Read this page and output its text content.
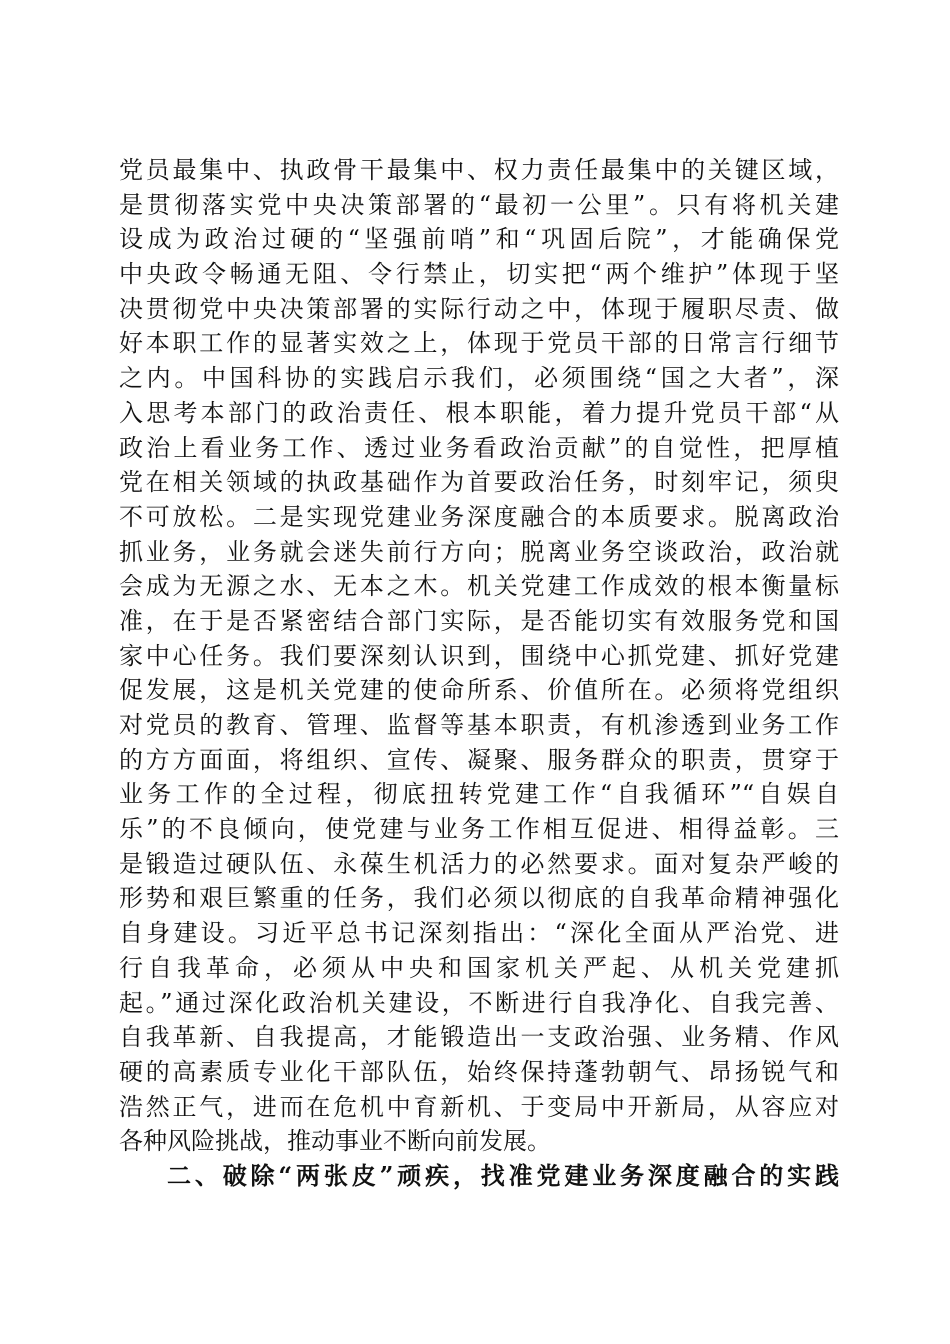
党员最集中、执政骨干最集中、权力责任最集中的关键区域，
是贯彻落实党中央决策部署的“最初一公里”。只有将机关建
设成为政治过硬的“坚强前哨”和“巩固后院”，才能确保党
中央政令畅通无阻、令行禁止，切实把“两个维护”体现于坚
决贯彻党中央决策部署的实际行动之中，体现于履职尽责、做
好本职工作的显著实效之上，体现于党员干部的日常言行细节
之内。中国科协的实践启示我们，必须围绕“国之大者”，深
入思考本部门的政治责任、根本职能，着力提升党员干部“从
政治上看业务工作、透过业务看政治贡献”的自觉性，把厚植
党在相关领域的执政基础作为首要政治任务，时刻牢记，须臾
不可放松。二是实现党建业务深度融合的本质要求。脱离政治
抓业务，业务就会迷失前行方向；脱离业务空谈政治，政治就
会成为无源之水、无本之木。机关党建工作成效的根本衡量标
准，在于是否紧密结合部门实际，是否能切实有效服务党和国
家中心任务。我们要深刻认识到，围绕中心抓党建、抓好党建
促发展，这是机关党建的使命所系、价值所在。必须将党组织
对党员的教育、管理、监督等基本职责，有机渗透到业务工作
的方方面面，将组织、宣传、凝聚、服务群众的职责，贯穿于
业务工作的全过程，彻底扭转党建工作“自我循环”“自娱自
乐”的不良倾向，使党建与业务工作相互促进、相得益彰。三
是锻造过硬队伍、永葆生机活力的必然要求。面对复杂严峻的
形势和艰巨繁重的任务，我们必须以彻底的自我革命精神强化
自身建设。习近平总书记深刻指出：“深化全面从严治党、进
行自我革命，必须从中央和国家机关严起、从机关党建抓
起。”通过深化政治机关建设，不断进行自我净化、自我完善、
自我革新、自我提高，才能锻造出一支政治强、业务精、作风
硬的高素质专业化干部队伍，始终保持蓬勃朝气、昂扬锐气和
浩然正气，进而在危机中育新机、于变局中开新局，从容应对
各种风险挑战，推动事业不断向前发展。
二、破除“两张皮”顽疾，找准党建业务深度融合的实践
